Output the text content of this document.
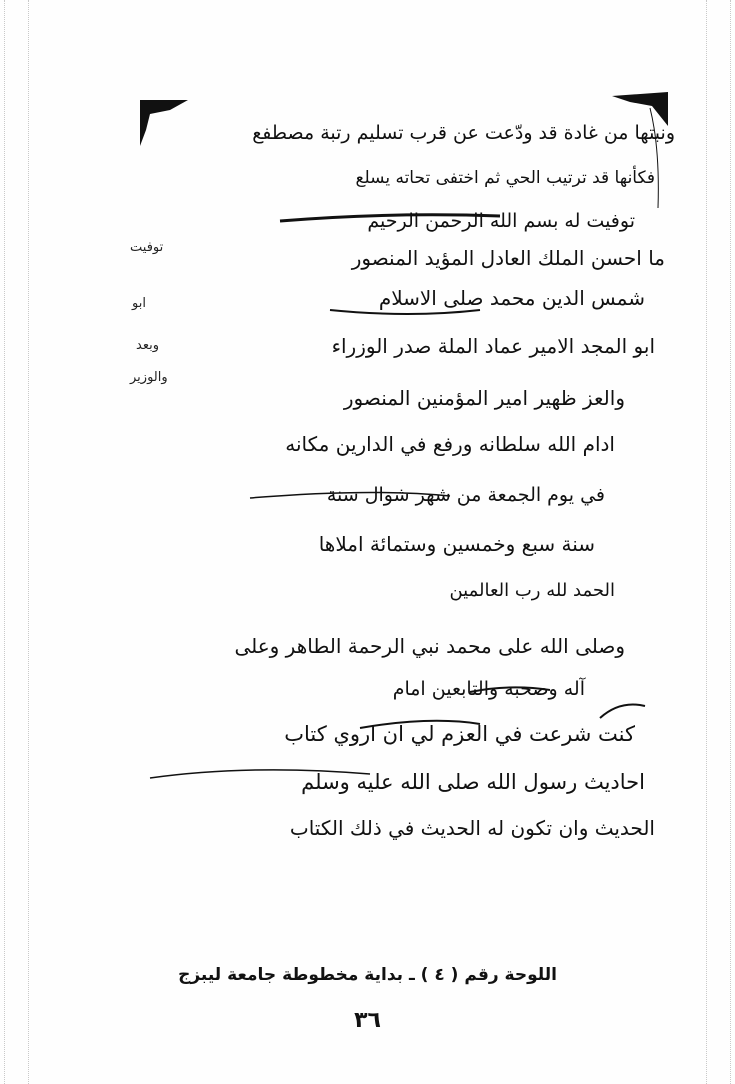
ونبتها من غادة قد ودّعت عن قرب تسليم رتبة مصطفع
فكأنها قد ترتيب الحي ثم اختفى تحاته يسلع
توفيت له بسم الله الرحمن الرحيم
ما احسن الملك العادل المؤيد المنصور
شمس الدين محمد صلى الاسلام
ابو المجد الامير عماد الملة صدر الوزراء
والعز ظهير امير المؤمنين المنصور
ادام الله سلطانه ورفع في الدارين مكانه
في يوم الجمعة من شهر شوال سنة
سنة سبع وخمسين وستمائة املاها
الحمد لله رب العالمين
وصلى الله على محمد نبي الرحمة الطاهر وعلى
آله وصحبه والتابعين امام
كنت شرعت في العزم لي ان اروي كتاب
احاديث رسول الله صلى الله عليه وسلم
الحديث وان تكون له الحديث في ذلك الكتاب
توفيت
ابو
وبعد
والوزير
اللوحة رقم ( ٤ ) ـ بداية مخطوطة جامعة ليبزج
٣٦
